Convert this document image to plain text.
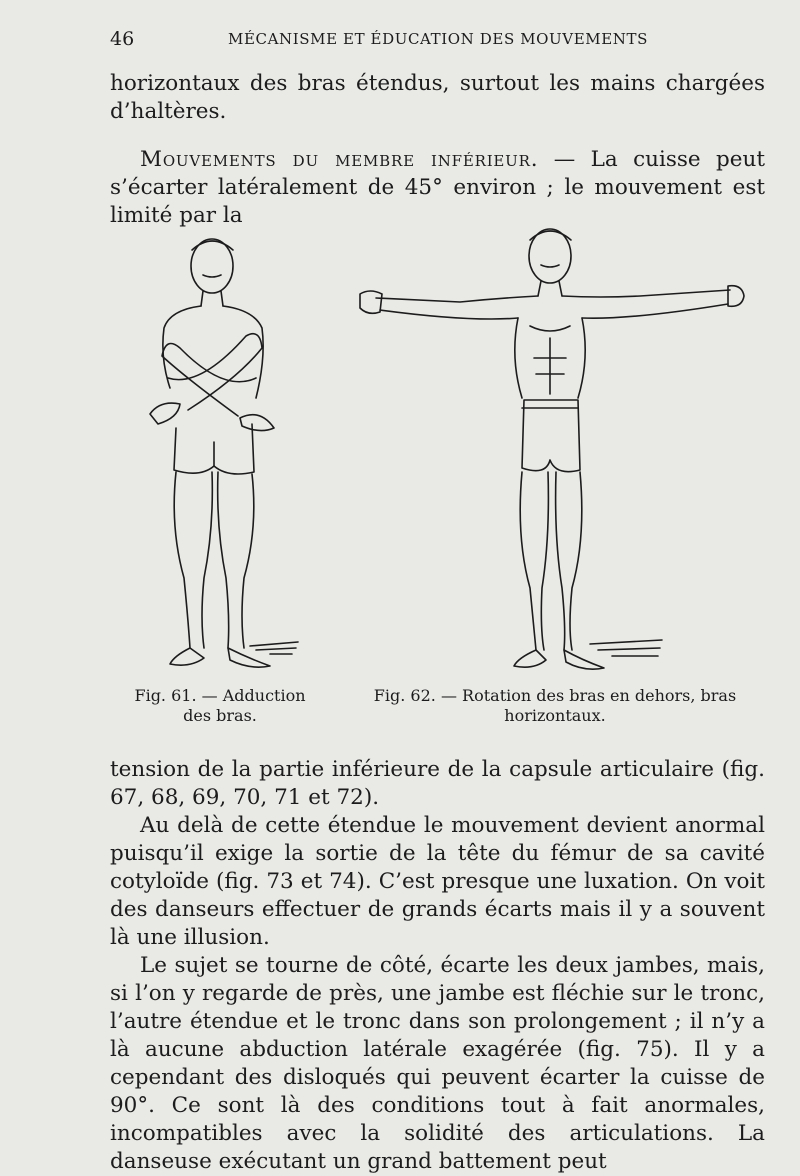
46	MÉCANISME ET ÉDUCATION DES MOUVEMENTS

horizontaux des bras étendus, surtout les mains chargées d’haltères.

Mouvements du membre inférieur. — La cuisse peut s’écarter latéralement de 45° environ ; le mouvement est limité par la

Fig. 61. — Adduction
des bras.
Fig. 62. — Rotation des bras en dehors, bras
horizontaux.

tension de la partie inférieure de la capsule articulaire (fig. 67, 68, 69, 70, 71 et 72).

Au delà de cette étendue le mouvement devient anormal puisqu’il exige la sortie de la tête du fémur de sa cavité cotyloïde (fig. 73 et 74). C’est presque une luxation. On voit des danseurs effectuer de grands écarts mais il y a souvent là une illusion.

Le sujet se tourne de côté, écarte les deux jambes, mais, si l’on y regarde de près, une jambe est fléchie sur le tronc, l’autre étendue et le tronc dans son prolongement ; il n’y a là aucune abduction latérale exagérée (fig. 75). Il y a cependant des disloqués qui peuvent écarter la cuisse de 90°. Ce sont là des conditions tout à fait anormales, incompatibles avec la solidité des articulations. La danseuse exécutant un grand battement peut
